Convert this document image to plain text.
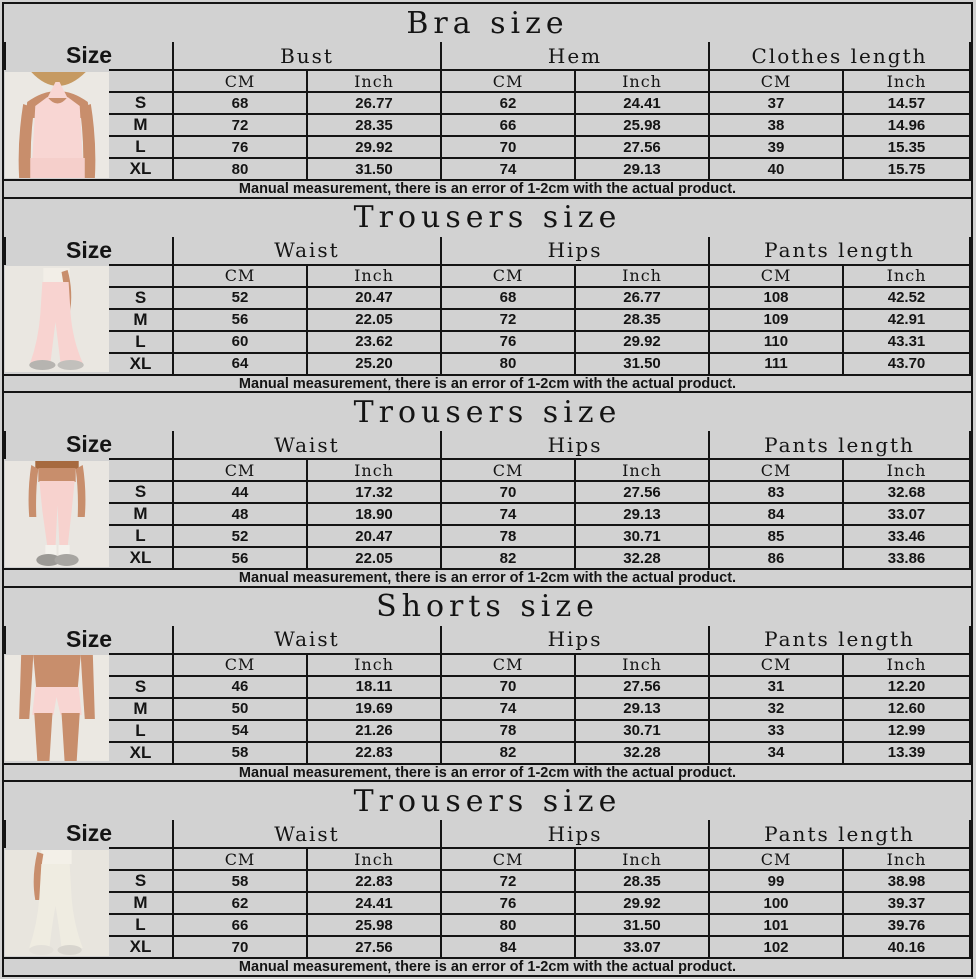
Bra size
Size		Bust		Hem		Clothes length	

		CM	Inch	CM	Inch	CM	Inch
	S	68	26.77	62	24.41	37	14.57
	M	72	28.35	66	25.98	38	14.96
	L	76	29.92	70	27.56	39	15.35
	XL	80	31.50	74	29.13	40	15.75
Manual measurement, there is an error of 1-2cm with the actual product.
Trousers size
Size		Waist		Hips		Pants length	

		CM	Inch	CM	Inch	CM	Inch
	S	52	20.47	68	26.77	108	42.52
	M	56	22.05	72	28.35	109	42.91
	L	60	23.62	76	29.92	110	43.31
	XL	64	25.20	80	31.50	111	43.70
Manual measurement, there is an error of 1-2cm with the actual product.
Trousers size
Size		Waist		Hips		Pants length	

		CM	Inch	CM	Inch	CM	Inch
	S	44	17.32	70	27.56	83	32.68
	M	48	18.90	74	29.13	84	33.07
	L	52	20.47	78	30.71	85	33.46
	XL	56	22.05	82	32.28	86	33.86
Manual measurement, there is an error of 1-2cm with the actual product.
Shorts size
Size		Waist		Hips		Pants length	

		CM	Inch	CM	Inch	CM	Inch
	S	46	18.11	70	27.56	31	12.20
	M	50	19.69	74	29.13	32	12.60
	L	54	21.26	78	30.71	33	12.99
	XL	58	22.83	82	32.28	34	13.39
Manual measurement, there is an error of 1-2cm with the actual product.
Trousers size
Size		Waist		Hips		Pants length	

		CM	Inch	CM	Inch	CM	Inch
	S	58	22.83	72	28.35	99	38.98
	M	62	24.41	76	29.92	100	39.37
	L	66	25.98	80	31.50	101	39.76
	XL	70	27.56	84	33.07	102	40.16
Manual measurement, there is an error of 1-2cm with the actual product.
